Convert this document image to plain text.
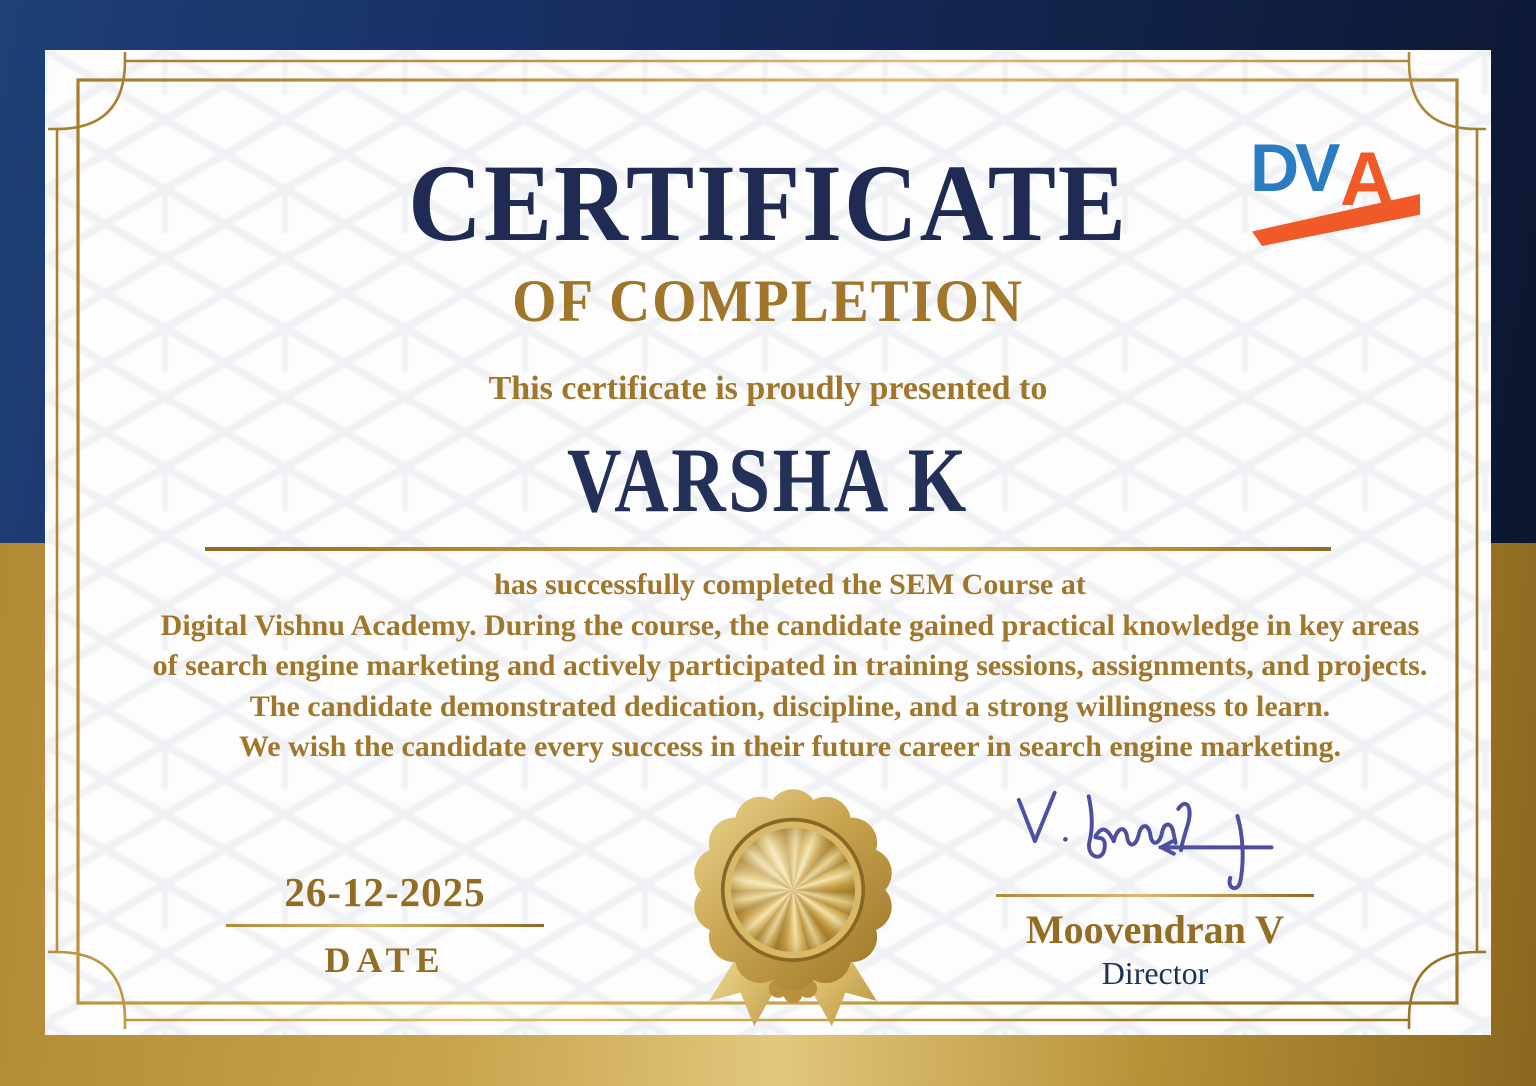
DV A
CERTIFICATE
OF COMPLETION
This certificate is proudly presented to
VARSHA K

has successfully completed the SEM Course at

Digital Vishnu Academy. During the course, the candidate gained practical knowledge in key areas

of search engine marketing and actively participated in training sessions, assignments, and projects.

The candidate demonstrated dedication, discipline, and a strong willingness to learn.

We wish the candidate every success in their future career in search engine marketing.

26-12-2025
DATE
Moovendran V
Director
